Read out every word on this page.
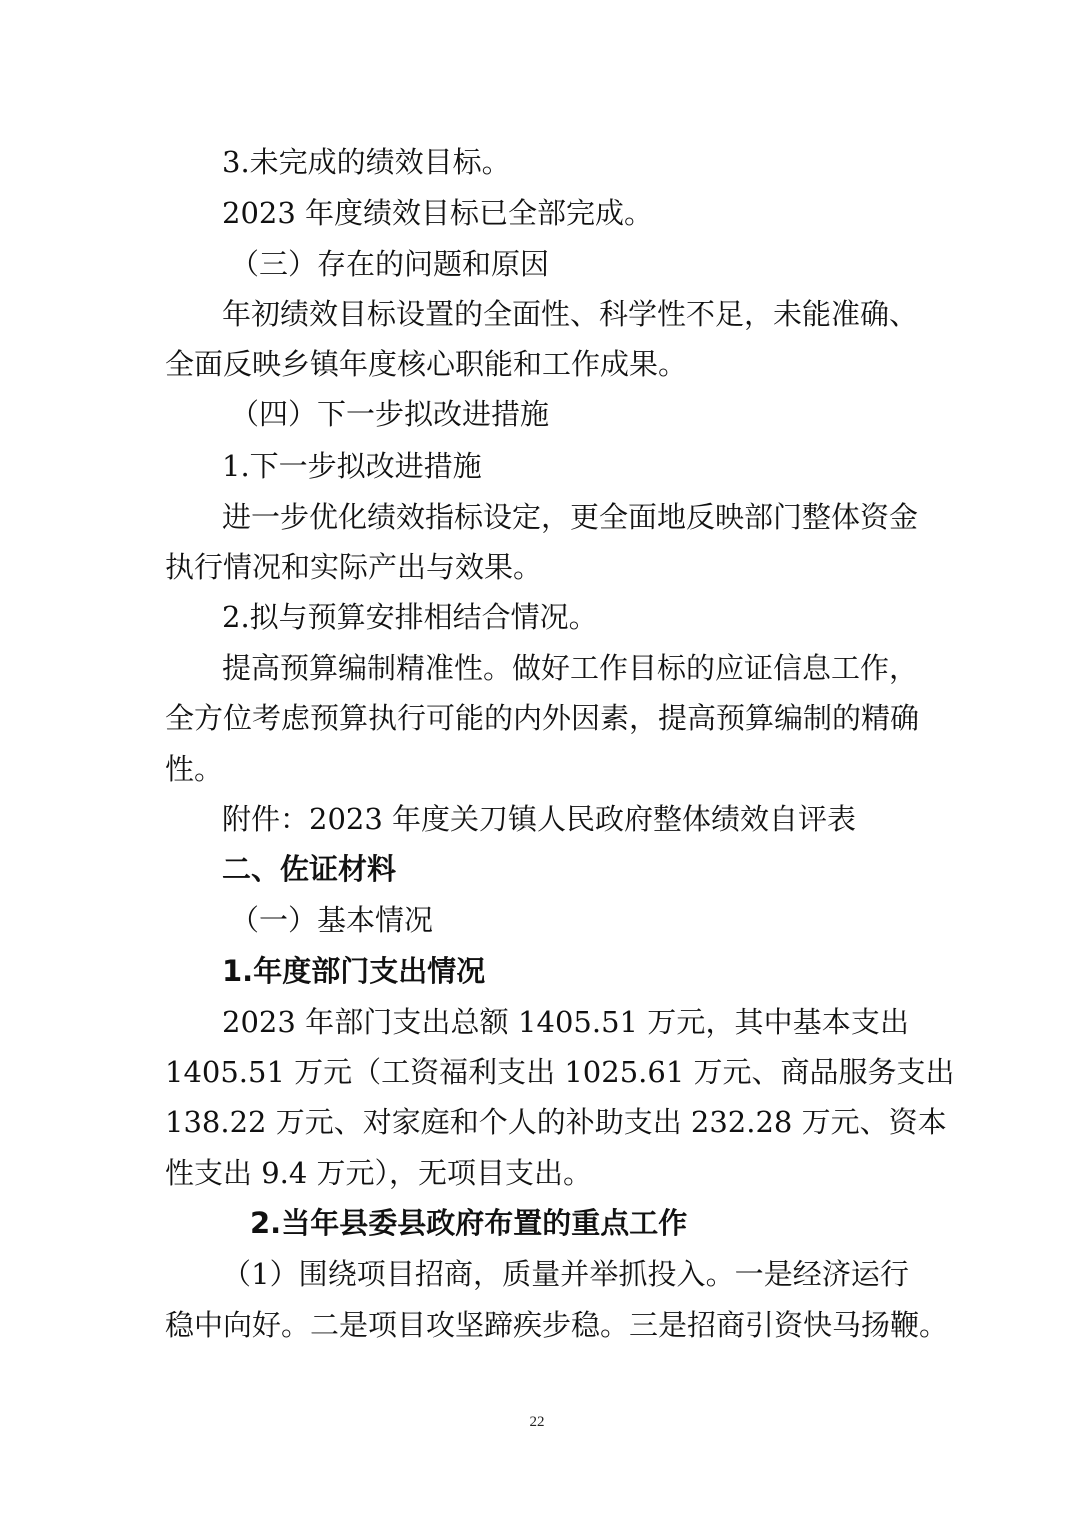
3.未完成的绩效目标。
2023 年度绩效目标已全部完成。
（三）存在的问题和原因
年初绩效目标设置的全面性、科学性不足，未能准确、
全面反映乡镇年度核心职能和工作成果。
（四）下一步拟改进措施
1.下一步拟改进措施
进一步优化绩效指标设定，更全面地反映部门整体资金
执行情况和实际产出与效果。
2.拟与预算安排相结合情况。
提高预算编制精准性。做好工作目标的应证信息工作，
全方位考虑预算执行可能的内外因素，提高预算编制的精确
性。
附件：2023 年度关刀镇人民政府整体绩效自评表
二、佐证材料
（一）基本情况
1.年度部门支出情况
2023 年部门支出总额 1405.51 万元，其中基本支出
1405.51 万元（工资福利支出 1025.61 万元、商品服务支出
138.22 万元、对家庭和个人的补助支出 232.28 万元、资本
性支出 9.4 万元），无项目支出。
2.当年县委县政府布置的重点工作
（1）围绕项目招商，质量并举抓投入。一是经济运行
稳中向好。二是项目攻坚蹄疾步稳。三是招商引资快马扬鞭。
22
